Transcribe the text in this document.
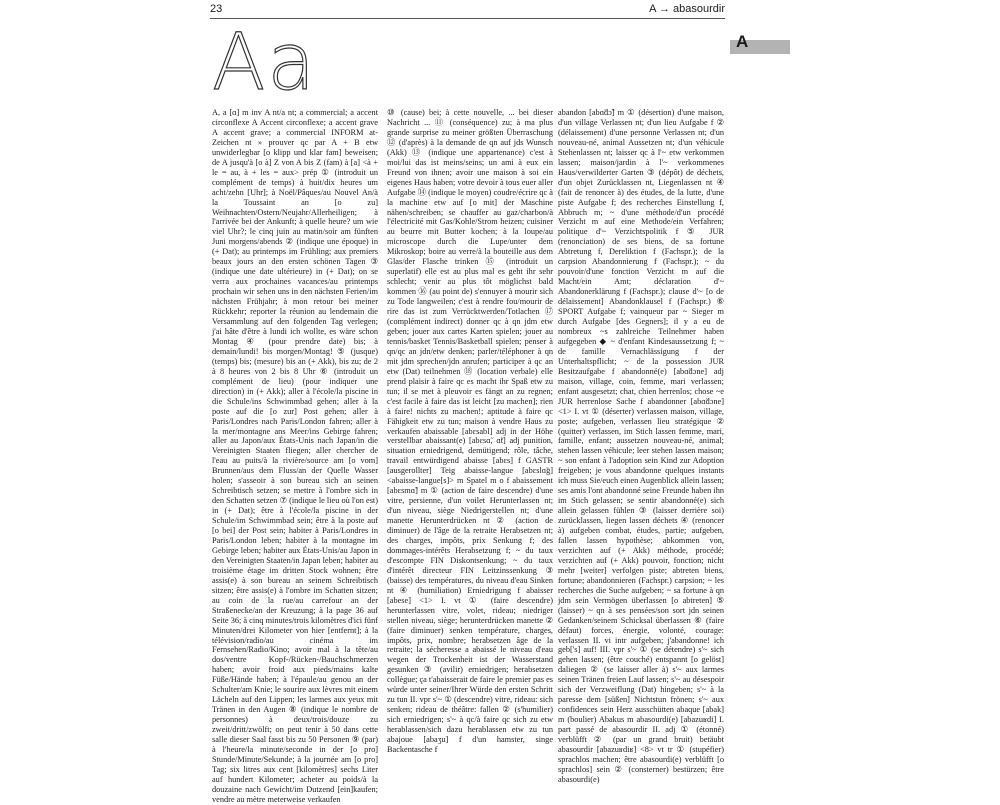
23	A → abasourdir
Aa	A

A, a [ɑ] m inv A nt/a nt; a commercial; a accent circonflexe A Accent circonflexe; a accent grave A accent grave; a commercial INFORM at-Zeichen nt » prouver qc par A + B etw unwiderlegbar [o klipp und klar fam] beweisen; de A jusqu'à [o à] Z von A bis Z (fam) à [a] <à + le = au, à + les = aux> prép ① (introduit un complément de temps) à huit/dix heures um acht/zehn [Uhr]; à Noël/Pâques/au Nouvel An/à la Toussaint an [o zu] Weihnachten/Ostern/Neujahr/Allerheiligen; à l'arrivée bei der Ankunft; à quelle heure? um wie viel Uhr?; le cinq juin au matin/soir am fünften Juni morgens/abends ② (indique une époque) in (+ Dat); au printemps im Frühling; aux premiers beaux jours an den ersten schönen Tagen ③ (indique une date ultérieure) in (+ Dat); on se verra aux prochaines vacances/au printemps prochain wir sehen uns in den nächsten Ferien/im nächsten Frühjahr; à mon retour bei meiner Rückkehr; reporter la réunion au lendemain die Versammlung auf den folgenden Tag verlegen; j'ai hâte d'être à lundi ich wollte, es wäre schon Montag ④ (pour prendre date) bis; à demain/lundi! bis morgen/Montag! ⑤ (jusque) (temps) bis; (mesure) bis an (+ Akk), bis zu; de 2 à 8 heures von 2 bis 8 Uhr ⑥ (introduit un complément de lieu) (pour indiquer une direction) in (+ Akk); aller à l'école/la piscine in die Schule/ins Schwimmbad gehen; aller à la poste auf die [o zur] Post gehen; aller à Paris/Londres nach Paris/London fahren; aller à la mer/montagne ans Meer/ins Gebirge fahren; aller au Japon/aux États-Unis nach Japan/in die Vereinigten Staaten fliegen; aller chercher de l'eau au puits/à la rivière/source am [o vom] Brunnen/aus dem Fluss/an der Quelle Wasser holen; s'asseoir à son bureau sich an seinen Schreibtisch setzen; se mettre à l'ombre sich in den Schatten setzen ⑦ (indique le lieu où l'on est) in (+ Dat); être à l'école/la piscine in der Schule/im Schwimmbad sein; être à la poste auf [o bei] der Post sein; habiter à Paris/Londres in Paris/London leben; habiter à la montagne im Gebirge leben; habiter aux États-Unis/au Japon in den Vereinigten Staaten/in Japan leben; habiter au troisième étage im dritten Stock wohnen; être assis(e) à son bureau an seinem Schreibtisch sitzen; être assis(e) à l'ombre im Schatten sitzen; au coin de la rue/au carrefour an der Straßenecke/an der Kreuzung; à la page 36 auf Seite 36; à cinq minutes/trois kilomètres d'ici fünf Minuten/drei Kilometer von hier [entfernt]; à la télévision/radio/au cinéma im Fernsehen/Radio/Kino; avoir mal à la tête/au dos/ventre Kopf-/Rücken-/Bauchschmerzen haben; avoir froid aux pieds/mains kalte Füße/Hände haben; à l'épaule/au genou an der Schulter/am Knie; le sourire aux lèvres mit einem Lächeln auf den Lippen; les larmes aux yeux mit Tränen in den Augen ⑧ (indique le nombre de personnes) à deux/trois/douze zu zweit/dritt/zwölft; on peut tenir à 50 dans cette salle dieser Saal fasst bis zu 50 Personen ⑨ (par) à l'heure/la minute/seconde in der [o pro] Stunde/Minute/Sekunde; à la journée am [o pro] Tag; six litres aux cent [kilomètres] sechs Liter auf hundert Kilometer; acheter au poids/à la douzaine nach Gewicht/im Dutzend [ein]kaufen; vendre au mètre meterweise verkaufen

⑩ (cause) bei; à cette nouvelle, ... bei dieser Nachricht ... ⑪ (conséquence) zu; à ma plus grande surprise zu meiner größten Überraschung ⑫ (d'après) à la demande de qn auf jds Wunsch (Akk) ⑬ (indique une appartenance) c'est à moi/lui das ist meins/seins; un ami à eux ein Freund von ihnen; avoir une maison à soi ein eigenes Haus haben; votre devoir à tous euer aller Aufgabe ⑭ (indique le moyen) coudre/écrire qc à la machine etw auf [o mit] der Maschine nähen/schreiben; se chauffer au gaz/charbon/à l'électricité mit Gas/Kohle/Strom heizen; cuisiner au beurre mit Butter kochen; à la loupe/au microscope durch die Lupe/unter dem Mikroskop; boire au verre/à la bouteille aus dem Glas/der Flasche trinken ⑮ (introduit un superlatif) elle est au plus mal es geht ihr sehr schlecht; venir au plus tôt möglichst bald kommen ⑯ (au point de) s'ennuyer à mourir sich zu Tode langweilen; c'est à rendre fou/mourir de rire das ist zum Verrücktwerden/Totlachen ⑰ (complément indirect) donner qc à qn jdm etw geben; jouer aux cartes Karten spielen; jouer au tennis/basket Tennis/Basketball spielen; penser à qn/qc an jdn/etw denken; parler/téléphoner à qn mit jdm sprechen/jdn anrufen; participer à qc an etw (Dat) teilnehmen ⑱ (location verbale) elle prend plaisir à faire qc es macht ihr Spaß etw zu tun; il se met à pleuvoir es fängt an zu regnen; c'est facile à faire das ist leicht [zu machen]; rien à faire! nichts zu machen!; aptitude à faire qc Fähigkeit etw zu tun; maison à vendre Haus zu verkaufen abaissable [abɛsabl] adj in der Höhe verstellbar abaissant(e) [abɛsɑ̃, ɑ̃t] adj punition, situation erniedrigend, demütigend; rôle, tâche, travail entwürdigend abaisse [abɛs] f GASTR [ausgerollter] Teig abaisse-langue [abɛslɑ̃g] <abaisse-langue[s]> m Spatel m o f abaissement [abɛsmɑ̃] m ① (action de faire descendre) d'une vitre, persienne, d'un voilet Herunterlassen nt; d'un niveau, siège Niedrigerstellen nt; d'une manette Herunterdrücken nt ② (action de diminuer) de l'âge de la retraite Herabsetzen nt; des charges, impôts, prix Senkung f; des dommages-intérêts Herabsetzung f; ~ du taux d'escompte FIN Diskontsenkung; ~ du taux d'intérêt directeur FIN Leitzinssenkung ③ (baisse) des températures, du niveau d'eau Sinken nt ④ (humiliation) Erniedrigung f abaisser [abese] <1> I. vt ① (faire descendre) herunterlassen vitre, volet, rideau; niedriger stellen niveau, siège; herunterdrücken manette ② (faire diminuer) senken température, charges, impôts, prix, nombre; herabsetzen âge de la retraite; la sécheresse a abaissé le niveau d'eau wegen der Trockenheit ist der Wasserstand gesunken ③ (avilir) erniedrigen; herabsetzen collègue; ça t'abaisserait de faire le premier pas es würde unter seiner/Ihrer Würde den ersten Schritt zu tun II. vpr s'~ ① (descendre) vitre, rideau: sich senken; rideau de théâtre: fallen ② (s'humilier) sich erniedrigen; s'~ à qc/à faire qc sich zu etw herablassen/sich dazu herablassen etw zu tun abajoue [abaʒu] f d'un hamster, singe Backentasche f

abandon [abɑ̃dɔ̃] m ① (désertion) d'une maison, d'un village Verlassen nt; d'un lieu Aufgabe f ② (délaissement) d'une personne Verlassen nt; d'un nouveau-né, animal Aussetzen nt; d'un véhicule Stehenlassen nt; laisser qc à l'~ etw verkommen lassen; maison/jardin à l'~ verkommenes Haus/verwilderter Garten ③ (dépôt) de déchets, d'un objet Zurücklassen nt, Liegenlassen nt ④ (fait de renoncer à) des études, de la lutte, d'une piste Aufgabe f; des recherches Einstellung f, Abbruch m; ~ d'une méthode/d'un procédé Verzicht m auf eine Methode/ein Verfahren; politique d'~ Verzichtspolitik f ⑤ JUR (renonciation) de ses biens, de sa fortune Abtretung f, Dereliktion f (Fachspr.); de la carpsion Abandonnierung f (Fachspr.); ~ du pouvoir/d'une fonction Verzicht m auf die Macht/ein Amt; déclaration d'~ Abandonerklärung f (Fachspr.); clause d'~ [o de délaissement] Abandonklausel f (Fachspr.) ⑥ SPORT Aufgabe f; vainqueur par ~ Sieger m durch Aufgabe [des Gegners]; il y a eu de nombreux ~s zahlreiche Teilnehmer haben aufgegeben ◆ ~ d'enfant Kindesaussetzung f; ~ de famille Vernachlässigung f der Unterhaltspflicht; ~ de la possession JUR Besitzaufgabe f abandonné(e) [abɑ̃dɔne] adj maison, village, coin, femme, mari verlassen; enfant ausgesetzt; chat, chien herrenlos; chose ~e JUR herrenlose Sache f abandonner [abɑ̃dɔne] <1> I. vt ① (déserter) verlassen maison, village, poste; aufgeben, verlassen lieu stratégique ② (quitter) verlassen, im Stich lassen femme, mari, famille, enfant; aussetzen nouveau-né, animal; stehen lassen véhicule; leer stehen lassen maison; ~ son enfant à l'adoption sein Kind zur Adoption freigeben; je vous abandonne quelques instants ich muss Sie/euch einen Augenblick allein lassen; ses amis l'ont abandonné seine Freunde haben ihn im Stich gelassen; se sentir abandonné(e) sich allein gelassen fühlen ③ (laisser derrière soi) zurücklassen, liegen lassen déchets ④ (renoncer à) aufgeben combat, études, partie; aufgeben, fallen lassen hypothèse; abkommen von, verzichten auf (+ Akk) méthode, procédé; verzichten auf (+ Akk) pouvoir, fonction; nicht mehr [weiter] verfolgen piste; abtreten biens, fortune; abandonnieren (Fachspr.) carpsion; ~ les recherches die Suche aufgeben; ~ sa fortune à qn jdm sein Vermögen überlassen [o abtreten] ⑤ (laisser) ~ qn à ses pensées/son sort jdn seinen Gedanken/seinem Schicksal überlassen ⑥ (faire défaut) forces, énergie, volonté, courage: verlassen II. vi intr aufgeben; j'abandonne! ich geb['s] auf! III. vpr s'~ ① (se détendre) s'~ sich gehen lassen; (être couché) entspannt [o gelöst] daliegen ② (se laisser aller à) s'~ aux larmes seinen Tränen freien Lauf lassen; s'~ au désespoir sich der Verzweiflung (Dat) hingeben; s'~ à la paresse dem [süßen] Nichtstun frönen; s'~ aux confidences sein Herz ausschütten abaque [abak] m (boulier) Abakus m abasourdi(e) [abazuʁdi] I. part passé de abasourdir II. adj ① (étonné) verblüfft ② (par un grand bruit) betäubt abasourdir [abazuʁdiʁ] <8> vt tr ① (stupéfier) sprachlos machen; être abasourdi(e) verblüfft [o sprachlos] sein ② (consterner) bestürzen; être abasourdi(e)
